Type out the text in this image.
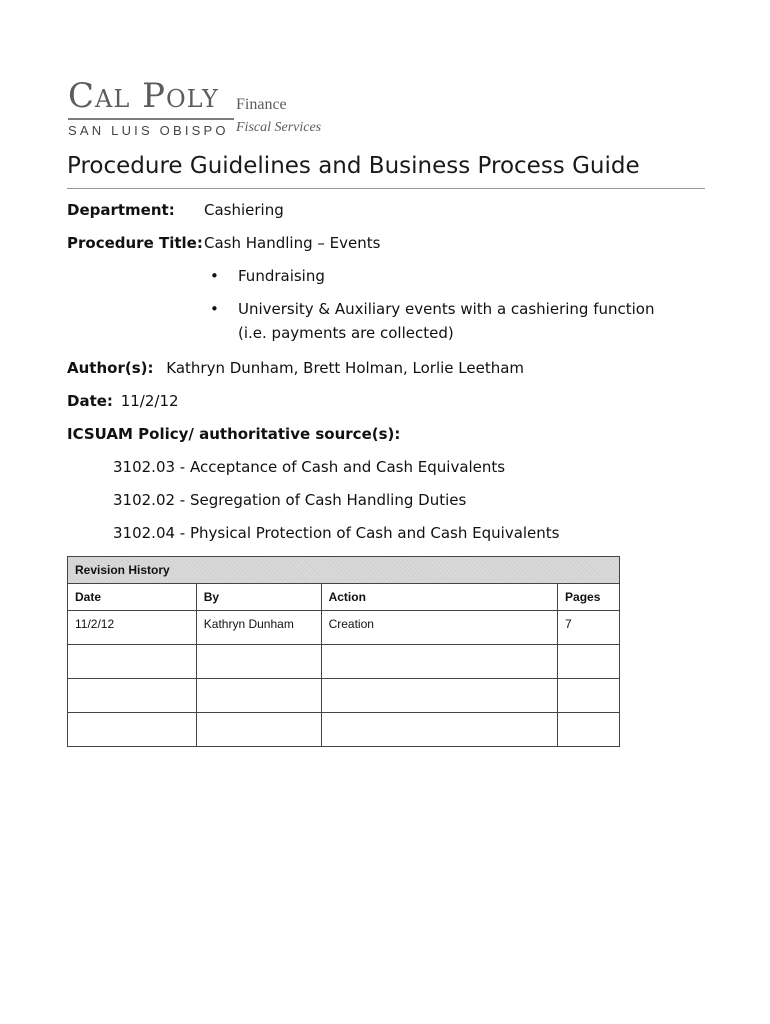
Cal Poly
SAN LUIS OBISPO
Finance
Fiscal Services
Procedure Guidelines and Business Process Guide
Department: Cashiering
Procedure Title: Cash Handling – Events
• Fundraising
• University & Auxiliary events with a cashiering function
(i.e. payments are collected)
Author(s): Kathryn Dunham, Brett Holman, Lorlie Leetham
Date: 11/2/12
ICSUAM Policy/ authoritative source(s):
3102.03 - Acceptance of Cash and Cash Equivalents
3102.02 - Segregation of Cash Handling Duties
3102.04 - Physical Protection of Cash and Cash Equivalents
Revision History			
Date	By	Action	Pages
11/2/12	Kathryn Dunham	Creation	7
